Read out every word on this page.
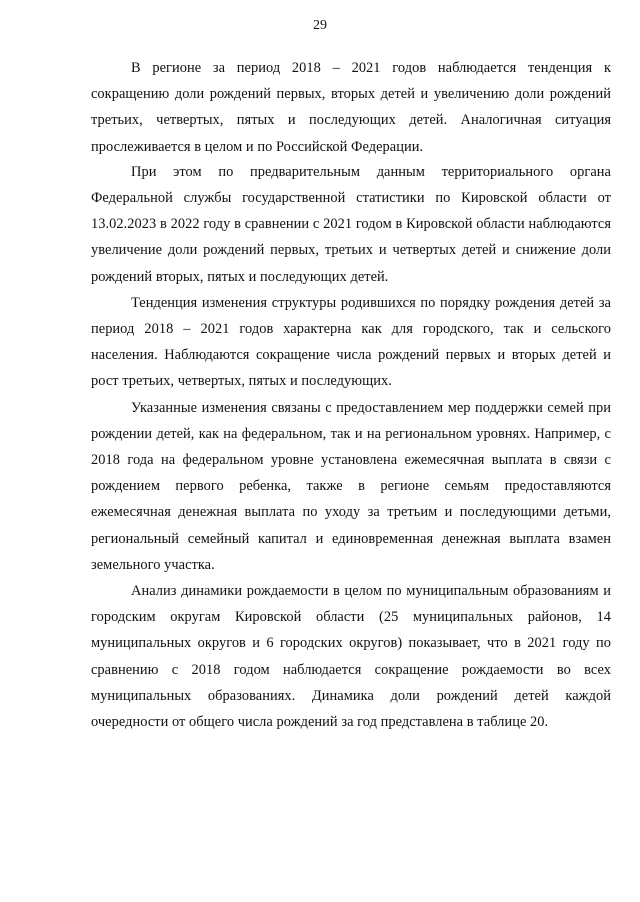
29

В регионе за период 2018 – 2021 годов наблюдается тенденция к сокращению доли рождений первых, вторых детей и увеличению доли рождений третьих, четвертых, пятых и последующих детей. Аналогичная ситуация прослеживается в целом и по Российской Федерации.

При этом по предварительным данным территориального органа Федеральной службы государственной статистики по Кировской области от 13.02.2023 в 2022 году в сравнении с 2021 годом в Кировской области наблюдаются увеличение доли рождений первых, третьих и четвертых детей и снижение доли рождений вторых, пятых и последующих детей.

Тенденция изменения структуры родившихся по порядку рождения детей за период 2018 – 2021 годов характерна как для городского, так и сельского населения. Наблюдаются сокращение числа рождений первых и вторых детей и рост третьих, четвертых, пятых и последующих.

Указанные изменения связаны с предоставлением мер поддержки семей при рождении детей, как на федеральном, так и на региональном уровнях. Например, с 2018 года на федеральном уровне установлена ежемесячная выплата в связи с рождением первого ребенка, также в регионе семьям предоставляются ежемесячная денежная выплата по уходу за третьим и последующими детьми, региональный семейный капитал и единовременная денежная выплата взамен земельного участка.

Анализ динамики рождаемости в целом по муниципальным образованиям и городским округам Кировской области (25 муниципальных районов, 14 муниципальных округов и 6 городских округов) показывает, что в 2021 году по сравнению с 2018 годом наблюдается сокращение рождаемости во всех муниципальных образованиях. Динамика доли рождений детей каждой очередности от общего числа рождений за год представлена в таблице 20.
